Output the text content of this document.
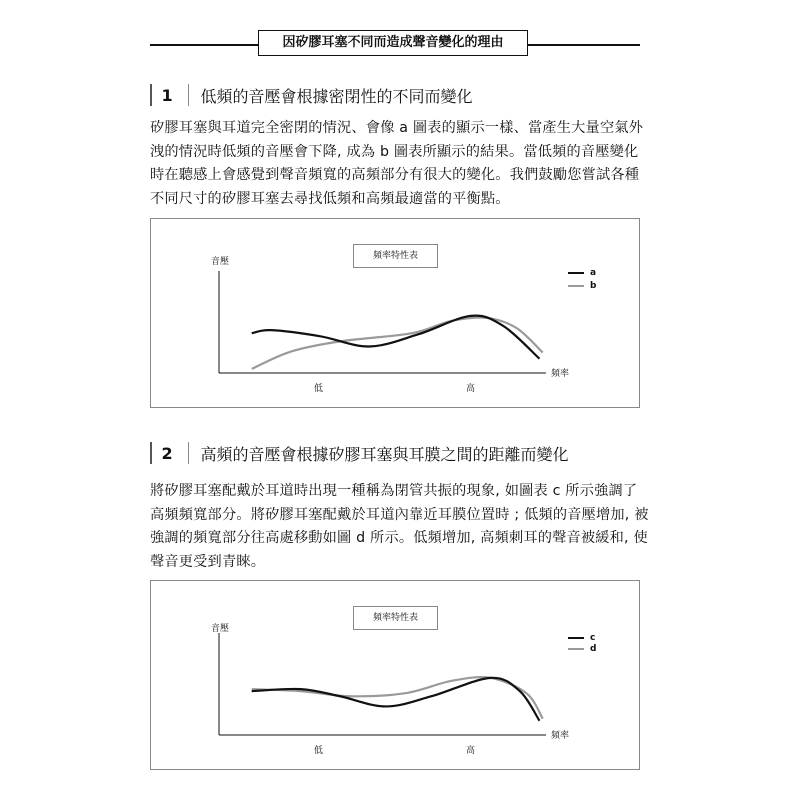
因矽膠耳塞不同而造成聲音變化的理由
1	低頻的音壓會根據密閉性的不同而變化
矽膠耳塞與耳道完全密閉的情況、會像 a 圖表的顯示一樣、當產生大量空氣外洩的情況時低頻的音壓會下降, 成為 b 圖表所顯示的結果。當低頻的音壓變化時在聽感上會感覺到聲音頻寬的高頻部分有很大的變化。我們鼓勵您嘗試各種不同尺寸的矽膠耳塞去尋找低頻和高頻最適當的平衡點。
頻率特性表
音壓
頻率
低	高
a
b
2	高頻的音壓會根據矽膠耳塞與耳膜之間的距離而變化
將矽膠耳塞配戴於耳道時出現一種稱為閉管共振的現象, 如圖表 c 所示強調了高頻頻寬部分。將矽膠耳塞配戴於耳道內靠近耳膜位置時 ; 低頻的音壓增加, 被強調的頻寬部分往高處移動如圖 d 所示。低頻增加, 高頻刺耳的聲音被緩和, 使聲音更受到青睞。
頻率特性表
音壓
頻率
低	高
c
d
